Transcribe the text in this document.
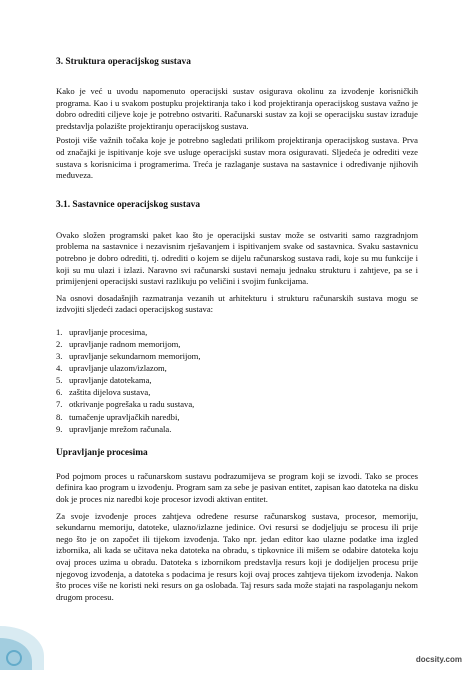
3. Struktura operacijskog sustava

Kako je već u uvodu napomenuto operacijski sustav osigurava okolinu za izvođenje korisničkih programa. Kao i u svakom postupku projektiranja tako i kod projektiranja operacijskog sustava važno je dobro odrediti ciljeve koje je potrebno ostvariti. Računarski sustav za koji se operacijsku sustav izrađuje predstavlja polazište projektiranju operacijskog sustava.

Postoji više važnih točaka koje je potrebno sagledati prilikom projektiranja operacijskog sustava. Prva od značajki je ispitivanje koje sve usluge operacijski sustav mora osiguravati. Sljedeća je odrediti veze sustava s korisnicima i programerima. Treća je razlaganje sustava na sastavnice i određivanje njihovih međuveza.

3.1. Sastavnice operacijskog sustava

Ovako složen programski paket kao što je operacijski sustav može se ostvariti samo razgradnjom problema na sastavnice i nezavisnim rješavanjem i ispitivanjem svake od sastavnica. Svaku sastavnicu potrebno je dobro odrediti, tj. odrediti o kojem se dijelu računarskog sustava radi, koje su mu funkcije i koji su mu ulazi i izlazi. Naravno svi računarski sustavi nemaju jednaku strukturu i zahtjeve, pa se i primijenjeni operacijski sustavi razlikuju po veličini i svojim funkcijama.

Na osnovi dosadašnjih razmatranja vezanih ut arhitekturu i strukturu računarskih sustava mogu se izdvojiti sljedeći zadaci operacijskog sustava:

1. upravljanje procesima,
2. upravljanje radnom memorijom,
3. upravljanje sekundarnom memorijom,
4. upravljanje ulazom/izlazom,
5. upravljanje datotekama,
6. zaštita dijelova sustava,
7. otkrivanje pogrešaka u radu sustava,
8. tumačenje upravljačkih naredbi,
9. upravljanje mrežom računala.
Upravljanje procesima

Pod pojmom proces u računarskom sustavu podrazumijeva se program koji se izvodi. Tako se proces definira kao program u izvođenju. Program sam za sebe je pasivan entitet, zapisan kao datoteka na disku dok je proces niz naredbi koje procesor izvodi aktivan entitet.

Za svoje izvođenje proces zahtjeva određene resurse računarskog sustava, procesor, memoriju, sekundarnu memoriju, datoteke, ulazno/izlazne jedinice. Ovi resursi se dodjeljuju se procesu ili prije nego što je on započet ili tijekom izvođenja. Tako npr. jedan editor kao ulazne podatke ima izgled izbornika, ali kada se učitava neka datoteka na obradu, s tipkovnice ili mišem se odabire datoteka koju ovaj proces uzima u obradu. Datoteka s izbornikom predstavlja resurs koji je dodijeljen procesu prije njegovog izvođenja, a datoteka s podacima je resurs koji ovaj proces zahtjeva tijekom izvođenja. Nakon što proces više ne koristi neki resurs on ga oslobađa. Taj resurs sada može stajati na raspolaganju nekom drugom procesu.

docsity.com
